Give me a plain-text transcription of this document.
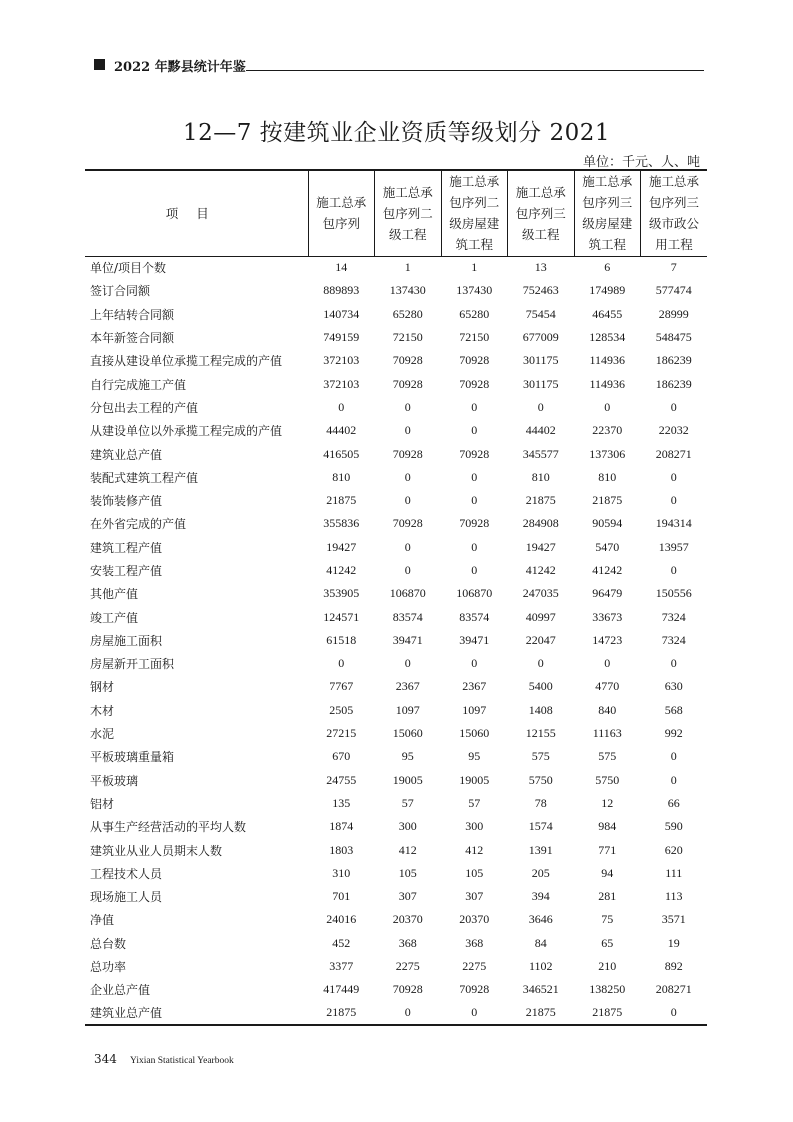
2022 年黟县统计年鉴
12—7 按建筑业企业资质等级划分 2021
单位：千元、人、吨
项目	施工总承包序列	施工总承包序列二级工程	施工总承包序列二级房屋建筑工程	施工总承包序列三级工程	施工总承包序列三级房屋建筑工程	施工总承包序列三级市政公用工程
单位/项目个数	14	1	1	13	6	7
签订合同额	889893	137430	137430	752463	174989	577474
上年结转合同额	140734	65280	65280	75454	46455	28999
本年新签合同额	749159	72150	72150	677009	128534	548475
直接从建设单位承揽工程完成的产值	372103	70928	70928	301175	114936	186239
自行完成施工产值	372103	70928	70928	301175	114936	186239
分包出去工程的产值	0	0	0	0	0	0
从建设单位以外承揽工程完成的产值	44402	0	0	44402	22370	22032
建筑业总产值	416505	70928	70928	345577	137306	208271
装配式建筑工程产值	810	0	0	810	810	0
装饰装修产值	21875	0	0	21875	21875	0
在外省完成的产值	355836	70928	70928	284908	90594	194314
建筑工程产值	19427	0	0	19427	5470	13957
安装工程产值	41242	0	0	41242	41242	0
其他产值	353905	106870	106870	247035	96479	150556
竣工产值	124571	83574	83574	40997	33673	7324
房屋施工面积	61518	39471	39471	22047	14723	7324
房屋新开工面积	0	0	0	0	0	0
钢材	7767	2367	2367	5400	4770	630
木材	2505	1097	1097	1408	840	568
水泥	27215	15060	15060	12155	11163	992
平板玻璃重量箱	670	95	95	575	575	0
平板玻璃	24755	19005	19005	5750	5750	0
铝材	135	57	57	78	12	66
从事生产经营活动的平均人数	1874	300	300	1574	984	590
建筑业从业人员期末人数	1803	412	412	1391	771	620
工程技术人员	310	105	105	205	94	111
现场施工人员	701	307	307	394	281	113
净值	24016	20370	20370	3646	75	3571
总台数	452	368	368	84	65	19
总功率	3377	2275	2275	1102	210	892
企业总产值	417449	70928	70928	346521	138250	208271
建筑业总产值	21875	0	0	21875	21875	0
344 Yixian Statistical Yearbook
